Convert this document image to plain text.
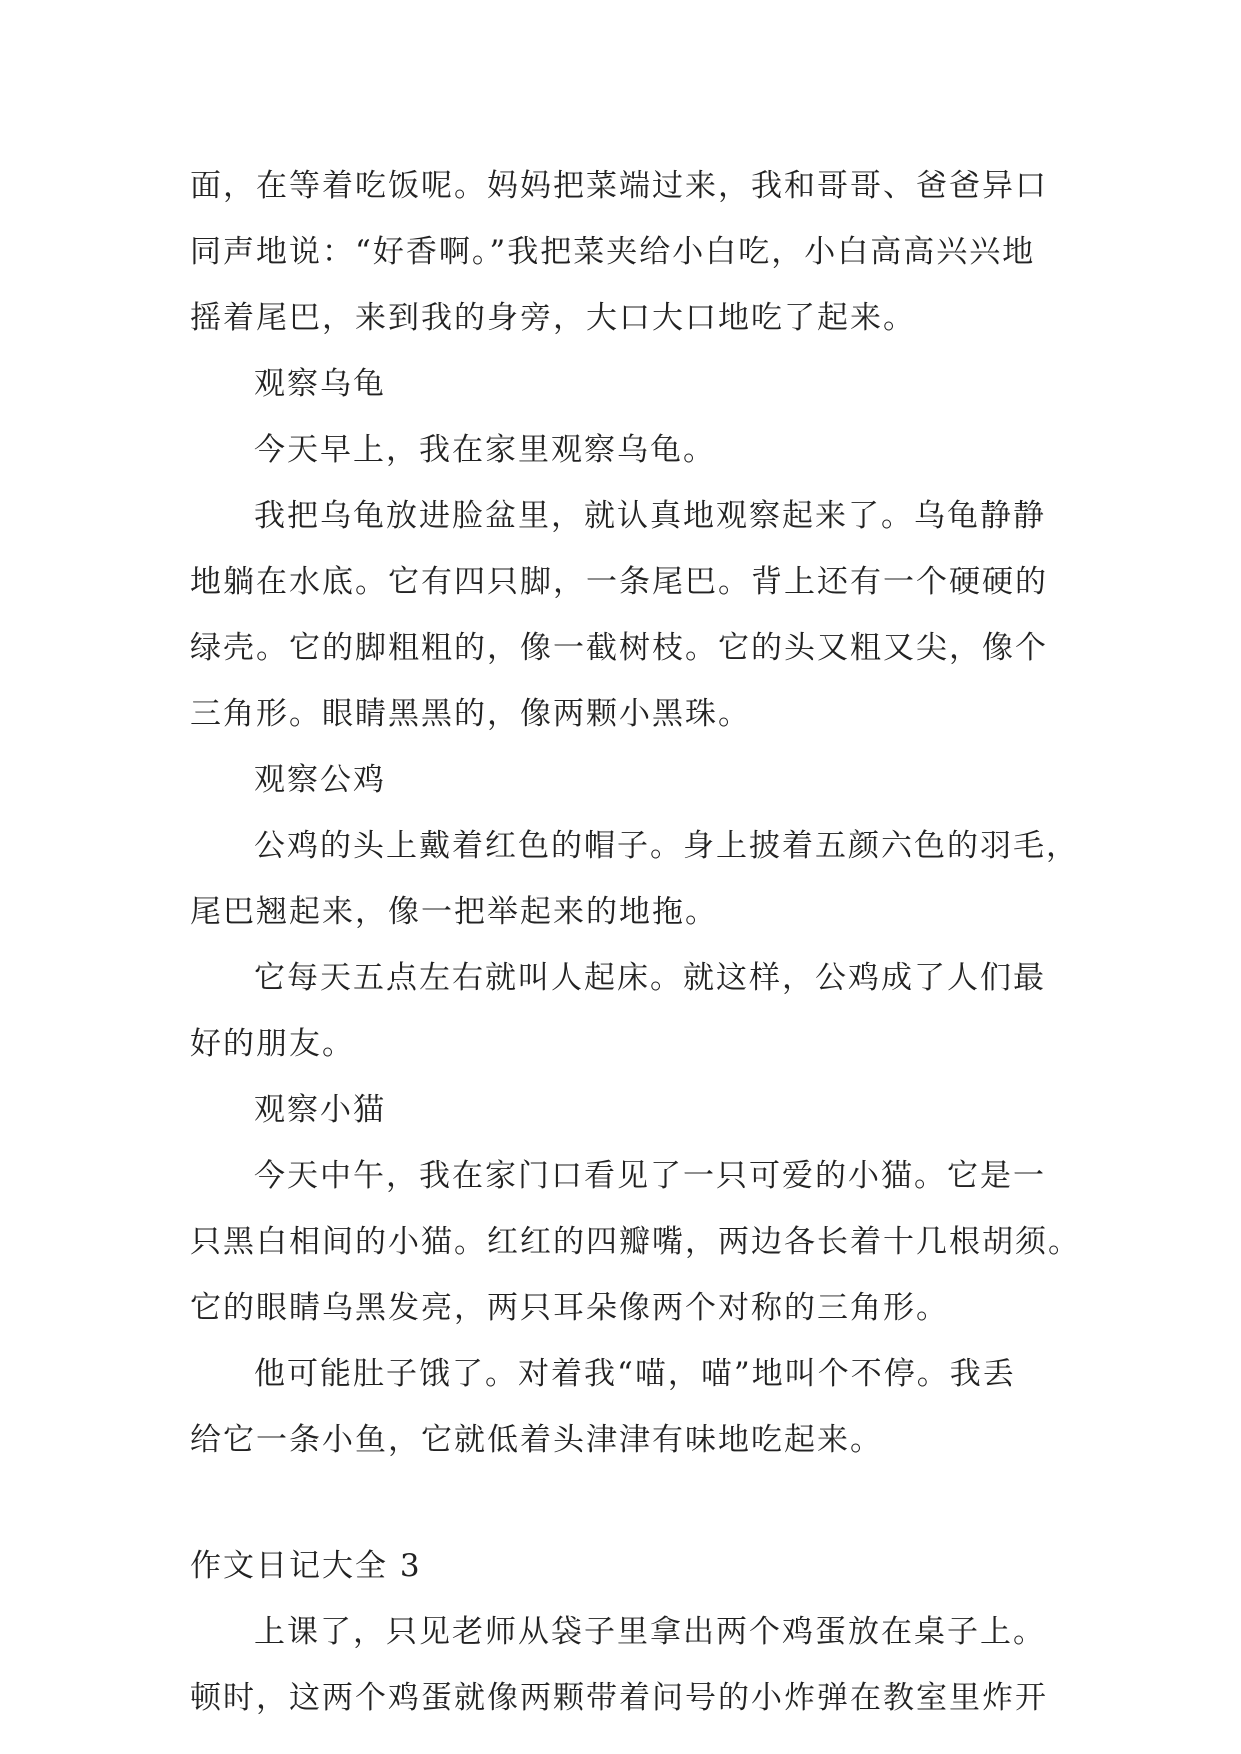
面，在等着吃饭呢。妈妈把菜端过来，我和哥哥、爸爸异口
同声地说：“好香啊。”我把菜夹给小白吃，小白高高兴兴地
摇着尾巴，来到我的身旁，大口大口地吃了起来。
观察乌龟
今天早上，我在家里观察乌龟。
我把乌龟放进脸盆里，就认真地观察起来了。乌龟静静
地躺在水底。它有四只脚，一条尾巴。背上还有一个硬硬的
绿壳。它的脚粗粗的，像一截树枝。它的头又粗又尖，像个
三角形。眼睛黑黑的，像两颗小黑珠。
观察公鸡
公鸡的头上戴着红色的帽子。身上披着五颜六色的羽毛，
尾巴翘起来，像一把举起来的地拖。
它每天五点左右就叫人起床。就这样，公鸡成了人们最
好的朋友。
观察小猫
今天中午，我在家门口看见了一只可爱的小猫。它是一
只黑白相间的小猫。红红的四瓣嘴，两边各长着十几根胡须。
它的眼睛乌黑发亮，两只耳朵像两个对称的三角形。
他可能肚子饿了。对着我“喵，喵”地叫个不停。我丢
给它一条小鱼，它就低着头津津有味地吃起来。
作文日记大全 3
上课了，只见老师从袋子里拿出两个鸡蛋放在桌子上。
顿时，这两个鸡蛋就像两颗带着问号的小炸弹在教室里炸开
